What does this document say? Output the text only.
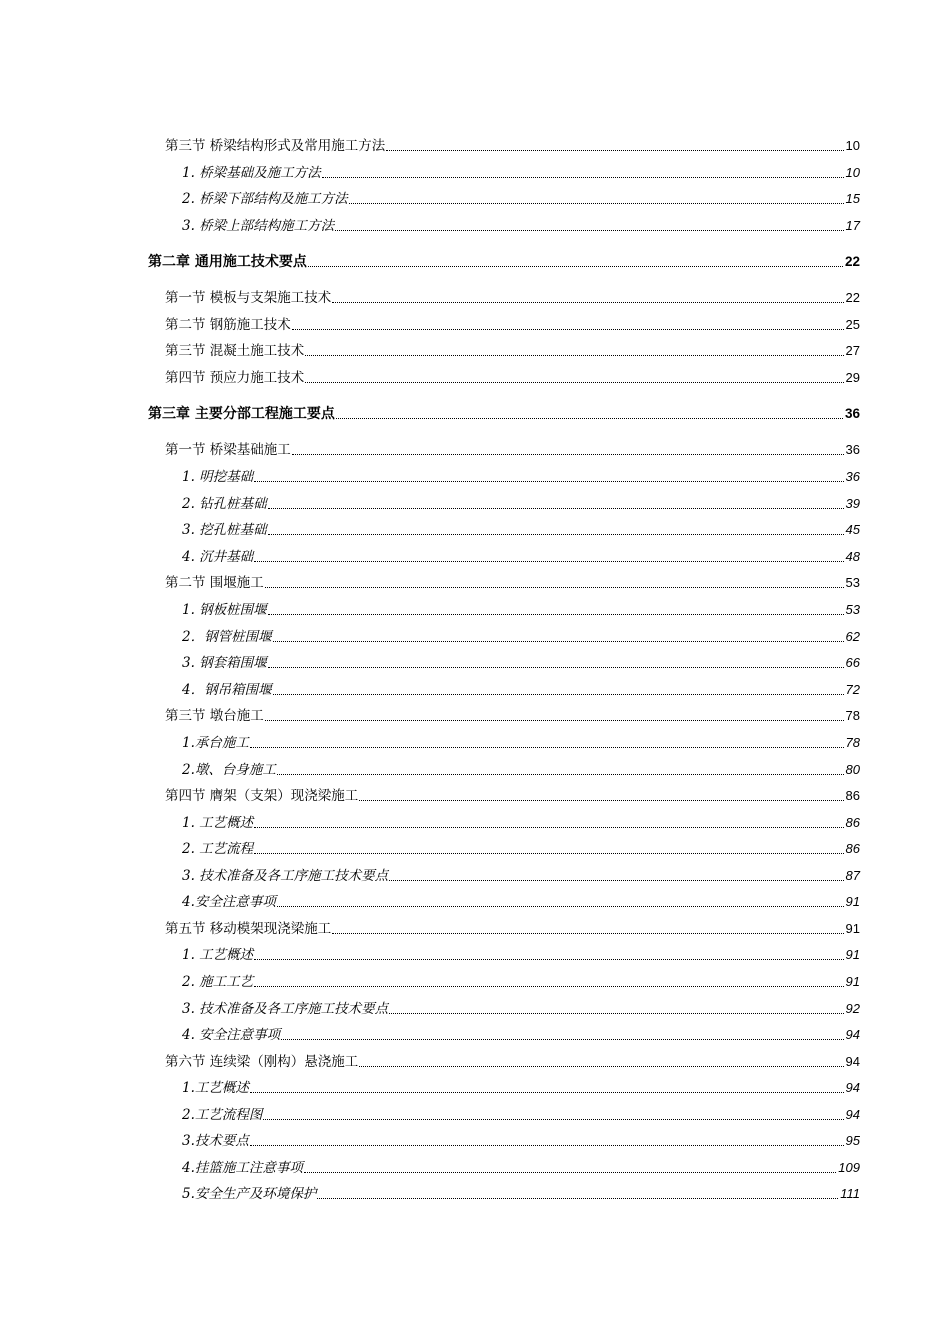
第三节 桥梁结构形式及常用施工方法	10
1. 桥梁基础及施工方法	10
2. 桥梁下部结构及施工方法	15
3. 桥梁上部结构施工方法	17
第二章 通用施工技术要点	22
第一节 模板与支架施工技术	22
第二节 钢筋施工技术	25
第三节 混凝土施工技术	27
第四节 预应力施工技术	29
第三章 主要分部工程施工要点	36
第一节 桥梁基础施工	36
1. 明挖基础	36
2. 钻孔桩基础	39
3. 挖孔桩基础	45
4. 沉井基础	48
第二节 围堰施工	53
1. 钢板桩围堰	53
2．钢管桩围堰	62
3. 钢套箱围堰	66
4．钢吊箱围堰	72
第三节 墩台施工	78
1.承台施工	78
2.墩、台身施工	80
第四节 膺架（支架）现浇梁施工	86
1. 工艺概述	86
2. 工艺流程	86
3. 技术准备及各工序施工技术要点	87
4.安全注意事项	91
第五节 移动模架现浇梁施工	91
1. 工艺概述	91
2. 施工工艺	91
3. 技术准备及各工序施工技术要点	92
4. 安全注意事项	94
第六节 连续梁（刚构）悬浇施工	94
1.工艺概述	94
2.工艺流程图	94
3.技术要点	95
4.挂篮施工注意事项	109
5.安全生产及环境保护	111
